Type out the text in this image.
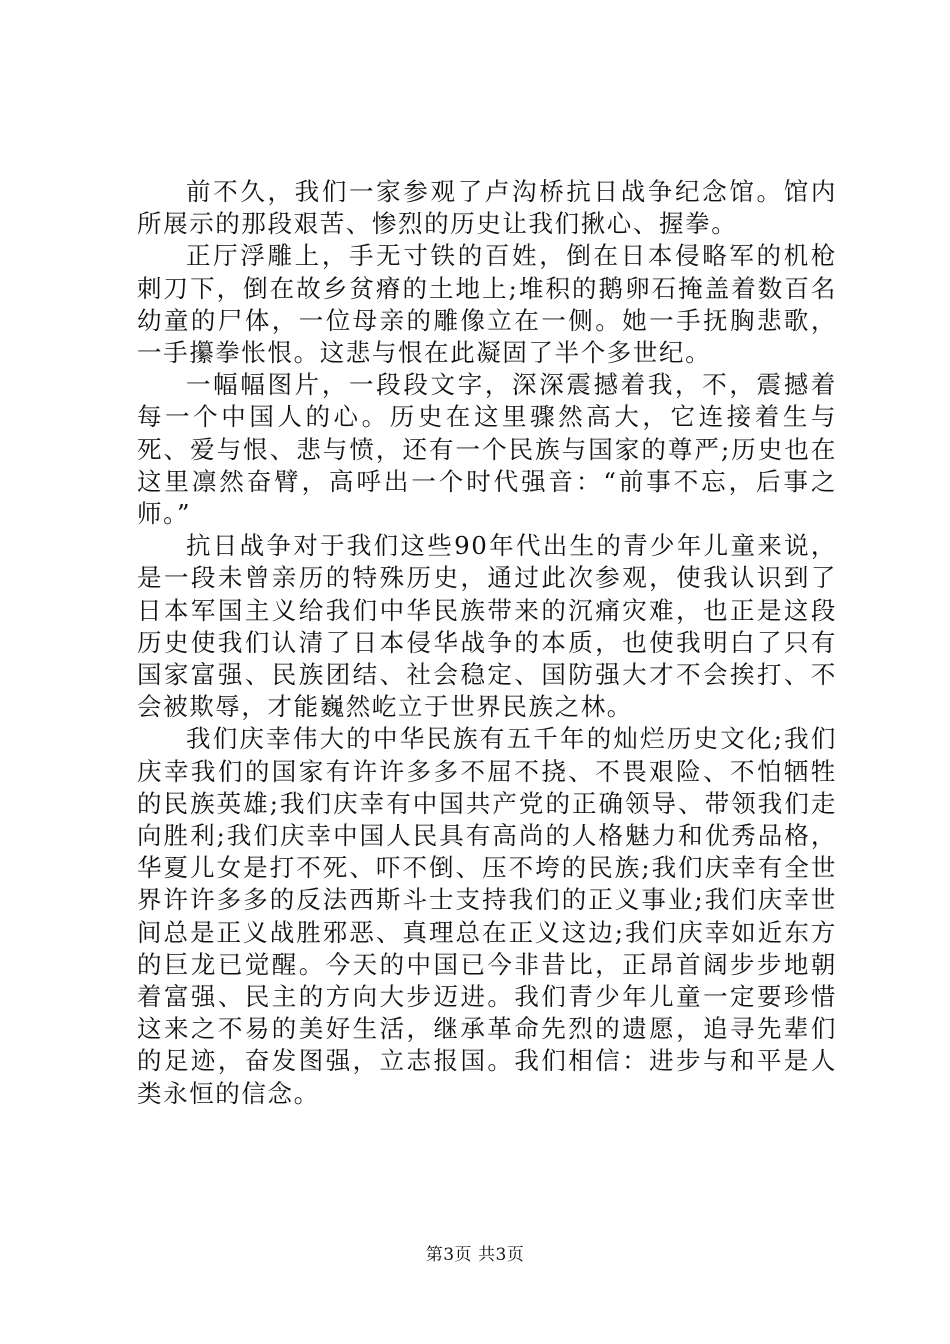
前不久，我们一家参观了卢沟桥抗日战争纪念馆。馆内所展示的那段艰苦、惨烈的历史让我们揪心、握拳。

正厅浮雕上，手无寸铁的百姓，倒在日本侵略军的机枪刺刀下，倒在故乡贫瘠的土地上;堆积的鹅卵石掩盖着数百名幼童的尸体，一位母亲的雕像立在一侧。她一手抚胸悲歌，一手攥拳怅恨。这悲与恨在此凝固了半个多世纪。

一幅幅图片，一段段文字，深深震撼着我，不，震撼着每一个中国人的心。历史在这里骤然高大，它连接着生与死、爱与恨、悲与愤，还有一个民族与国家的尊严;历史也在这里凛然奋臂，高呼出一个时代强音：“前事不忘，后事之师。”

抗日战争对于我们这些90年代出生的青少年儿童来说，是一段未曾亲历的特殊历史，通过此次参观，使我认识到了日本军国主义给我们中华民族带来的沉痛灾难，也正是这段历史使我们认清了日本侵华战争的本质，也使我明白了只有国家富强、民族团结、社会稳定、国防强大才不会挨打、不会被欺辱，才能巍然屹立于世界民族之林。

我们庆幸伟大的中华民族有五千年的灿烂历史文化;我们庆幸我们的国家有许许多多不屈不挠、不畏艰险、不怕牺牲的民族英雄;我们庆幸有中国共产党的正确领导、带领我们走向胜利;我们庆幸中国人民具有高尚的人格魅力和优秀品格，华夏儿女是打不死、吓不倒、压不垮的民族;我们庆幸有全世界许许多多的反法西斯斗士支持我们的正义事业;我们庆幸世间总是正义战胜邪恶、真理总在正义这边;我们庆幸如近东方的巨龙已觉醒。今天的中国已今非昔比，正昂首阔步步地朝着富强、民主的方向大步迈进。我们青少年儿童一定要珍惜这来之不易的美好生活，继承革命先烈的遗愿，追寻先辈们的足迹，奋发图强，立志报国。我们相信：进步与和平是人类永恒的信念。

第3页 共3页
